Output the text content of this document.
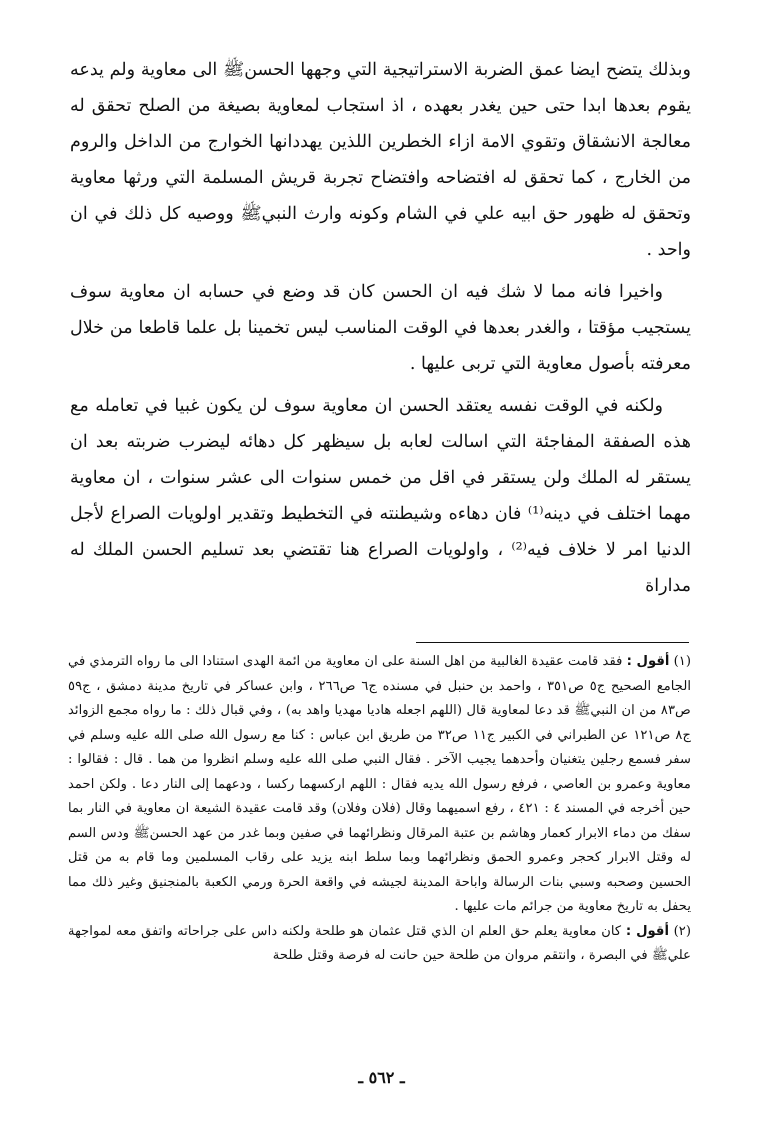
وبذلك يتضح ايضا عمق الضربة الاستراتيجية التي وجهها الحسنﷺ الى معاوية ولم يدعه يقوم بعدها ابدا حتى حين يغدر بعهده ، اذ استجاب لمعاوية بصيغة من الصلح تحقق له معالجة الانشقاق وتقوي الامة ازاء الخطرين اللذين يهددانها الخوارج من الداخل والروم من الخارج ، كما تحقق له افتضاحه وافتضاح تجربة قريش المسلمة التي ورثها معاوية وتحقق له ظهور حق ابيه علي في الشام وكونه وارث النبيﷺ ووصيه كل ذلك في ان واحد .

واخيرا فانه مما لا شك فيه ان الحسن كان قد وضع في حسابه ان معاوية سوف يستجيب مؤقتا ، والغدر بعدها في الوقت المناسب ليس تخمينا بل علما قاطعا من خلال معرفته بأصول معاوية التي تربى عليها .

ولكنه في الوقت نفسه يعتقد الحسن ان معاوية سوف لن يكون غبيا في تعامله مع هذه الصفقة المفاجئة التي اسالت لعابه بل سيظهر كل دهائه ليضرب ضربته بعد ان يستقر له الملك ولن يستقر في اقل من خمس سنوات الى عشر سنوات ، ان معاوية مهما اختلف في دينه⁽¹⁾ فان دهاءه وشيطنته في التخطيط وتقدير اولويات الصراع لأجل الدنيا امر لا خلاف فيه⁽²⁾ ، واولويات الصراع هنا تقتضي بعد تسليم الحسن الملك له مداراة

(١) أقول : فقد قامت عقيدة الغالبية من اهل السنة على ان معاوية من ائمة الهدى استنادا الى ما رواه الترمذي في الجامع الصحيح ج٥ ص٣٥١ ، واحمد بن حنبل في مسنده ج٦ ص٢٦٦ ، وابن عساكر في تاريخ مدينة دمشق ، ج٥٩ ص٨٣ من ان النبيﷺ قد دعا لمعاوية قال (اللهم اجعله هاديا مهديا واهد به) ، وفي قبال ذلك : ما رواه مجمع الزوائد ج٨ ص١٢١ عن الطبراني في الكبير ج١١ ص٣٢ من طريق ابن عباس : كنا مع رسول الله صلى الله عليه وسلم في سفر فسمع رجلين يتغنيان وأحدهما يجيب الآخر . فقال النبي صلى الله عليه وسلم انظروا من هما . قال : فقالوا : معاوية وعمرو بن العاصي ، فرفع رسول الله يديه فقال : اللهم اركسهما ركسا ، ودعهما إلى النار دعا . ولكن احمد حين أخرجه في المسند ٤ : ٤٢١ ، رفع اسميهما وقال (فلان وفلان) وقد قامت عقيدة الشيعة ان معاوية في النار بما سفك من دماء الابرار كعمار وهاشم بن عتبة المرقال ونظرائهما في صفين وبما غدر من عهد الحسنﷺ ودس السم له وقتل الابرار كحجر وعمرو الحمق ونظرائهما وبما سلط ابنه يزيد على رقاب المسلمين وما قام به من قتل الحسين وصحبه وسبي بنات الرسالة واباحة المدينة لجيشه في واقعة الحرة ورمي الكعبة بالمنجنيق وغير ذلك مما يحفل به تاريخ معاوية من جرائم مات عليها .

(٢) أقول : كان معاوية يعلم حق العلم ان الذي قتل عثمان هو طلحة ولكنه داس على جراحاته واتفق معه لمواجهة عليﷺ في البصرة ، وانتقم مروان من طلحة حين حانت له فرصة وقتل طلحة

ـ ٥٦٢ ـ
